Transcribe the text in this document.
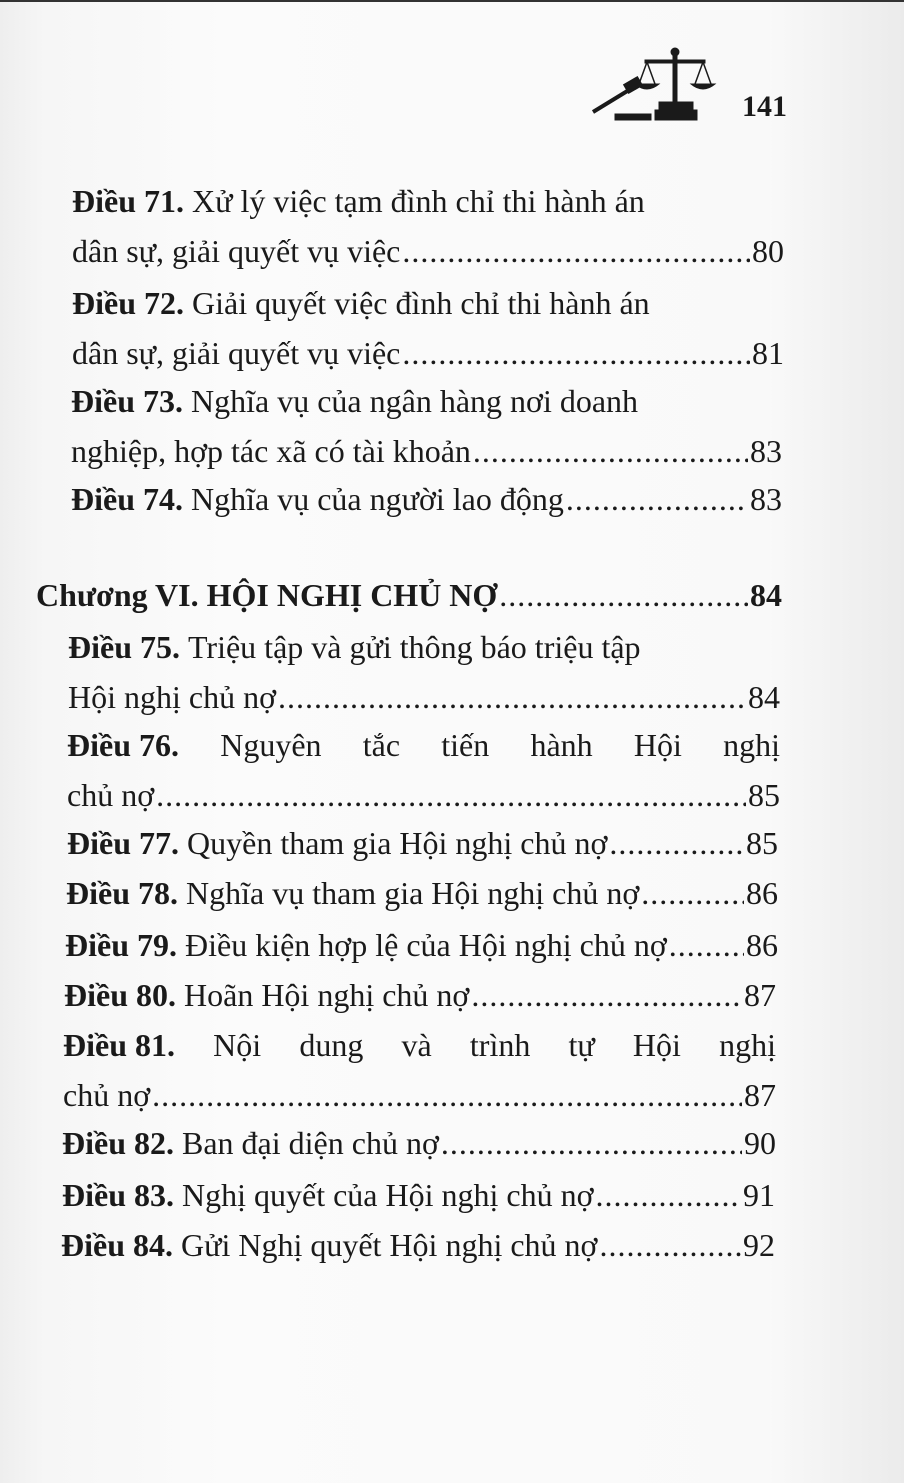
141
Điều 71. Xử lý việc tạm đình chỉ thi hành án
dân sự, giải quyết vụ việc .....	80
Điều 72. Giải quyết việc đình chỉ thi hành án
dân sự, giải quyết vụ việc .....	81
Điều 73. Nghĩa vụ của ngân hàng nơi doanh
nghiệp, hợp tác xã có tài khoản .....	83
Điều 74. Nghĩa vụ của người lao động .....	83
Chương VI. HỘI NGHỊ CHỦ NỢ .....	84
Điều 75. Triệu tập và gửi thông báo triệu tập
Hội nghị chủ nợ .....	84
Điều 76. Nguyên tắc tiến hành Hội nghị
chủ nợ .....	85
Điều 77. Quyền tham gia Hội nghị chủ nợ .....	85
Điều 78. Nghĩa vụ tham gia Hội nghị chủ nợ .....	86
Điều 79. Điều kiện hợp lệ của Hội nghị chủ nợ ..... 86
Điều 80. Hoãn Hội nghị chủ nợ .....	87
Điều 81. Nội dung và trình tự Hội nghị
chủ nợ .....	87
Điều 82. Ban đại diện chủ nợ .....	90
Điều 83. Nghị quyết của Hội nghị chủ nợ .....	91
Điều 84. Gửi Nghị quyết Hội nghị chủ nợ .....	92
